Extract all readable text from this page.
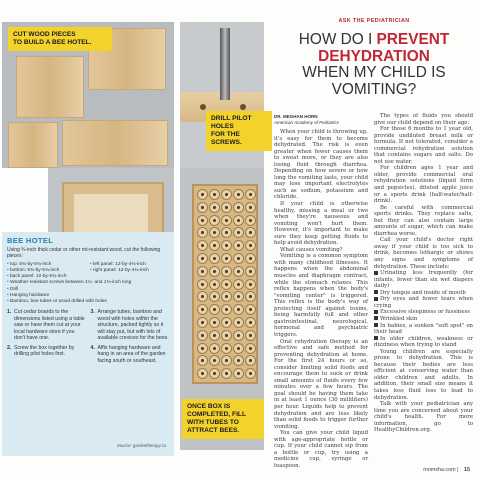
CUT WOOD PIECES
TO BUILD A BEE HOTEL.
DRILL PILOT HOLES
FOR THE SCREWS.
ONCE BOX IS
COMPLETED, FILL
WITH TUBES TO
ATTRACT BEES.
BEE HOTEL
Using ¾-inch thick cedar or other rot-resistant wood, cut the following pieces:
• top: 5¾-by-5¾-inch
• bottom: 5¾-by-5¾-inch
• back panel: 12-by-5¾-inch
• left panel: 12-by-4¾-inch
• right panel: 12-by-4¾-inch
• Weather-resistant screws between 1¼- and 1¾-inch long
• Drill
• Hanging hardware
• Bamboo, bee tubes or wood drilled with holes
1. Cut cedar boards to the dimensions listed using a table saw or have them cut at your local hardware store if you don't have one.
2. Screw the box together by drilling pilot holes first.
3. Arrange tubes, bamboo and wood with holes within the structure, packed tightly so it will stay put, but with lots of available crevices for the bees.
4. Affix hanging hardware and hang in an area of the garden facing south or southeast.
Source: gardentherapy.ca
ASK THE PEDIATRICIAN
HOW DO I PREVENT
DEHYDRATION
WHEN MY CHILD IS
VOMITING?
DR. MEGHAN HORN
American Academy of Pediatrics

When your child is throwing up, it's easy for them to become dehydrated. The risk is even greater when fewer causes them to sweat more, or they are also losing fluid through diarrhea. Depending on how severe or how long the vomiting lasts, your child may lose important electrolytes such as sodium, potassium and chloride.

If your child is otherwise healthy, missing a meal or two when they're nauseous and vomiting won't hurt them. However, it's important to make sure they keep getting fluids to help avoid dehydration.

What causes vomiting?

Vomiting is a common symptom with many childhood illnesses. It happens when the abdominal muscles and diaphragm contract, while the stomach relaxes. This reflex happens when the body's "vomiting center" is triggered. This reflex is the body's way of protecting itself against toxins, being harmfully full and other gastrointestinal, neurological, hormonal and psychiatric triggers.

Oral rehydration therapy is an effective and safe method for preventing dehydration at home. For the first 24 hours or so, consider limiting solid foods and encourage them to suck or drink small amounts of fluids every few minutes over a few hours. The goal should be having them take in at least 1 ounce (30 milliliters) per hour. Liquids help to prevent dehydration and are less likely than solid foods to trigger further vomiting.

You can give your child liquid with age-appropriate bottle or cup. If your child cannot sip from a bottle or cup, try using a medicine cup, syringe or teaspoon.

The types of fluids you should give our child depend on their age:

For those 6 months to 1 year old, provide undiluted breast milk or formula. If not tolerated, consider a commercial rehydration solution that contains sugars and salts. Do not use water.

For children ages 1 year and older, provide commercial oral rehydration solutions (liquid form and popsicles), diluted apple juice or a sports drink (half-water/half-drink).

Be careful with commercial sports drinks. They replace salts, but they can also contain large amounts of sugar, which can make diarrhea worse.

Call your child's doctor right away if your child is too sick to drink, becomes lethargic or shows any signs and symptoms of dehydration. These include:

Urinating less frequently (for infants, fewer than six wet diapers daily)

Dry tongue and inside of mouth

Dry eyes and fewer tears when crying

Excessive sleepiness or fussiness

Wrinkled skin

In babies, a sunken "soft spot" on their head

In older children, weakness or dizziness when trying to stand

Young children are especially prone to dehydration. This is because their bodies are less efficient at conserving water than older children and adults. In addition, their small size means it takes less fluid loss to lead to dehydration.

Talk with your pediatrician any time you are concerned about your child's health. For more information, go to HealthyChildren.org.

momsha.com | 15
